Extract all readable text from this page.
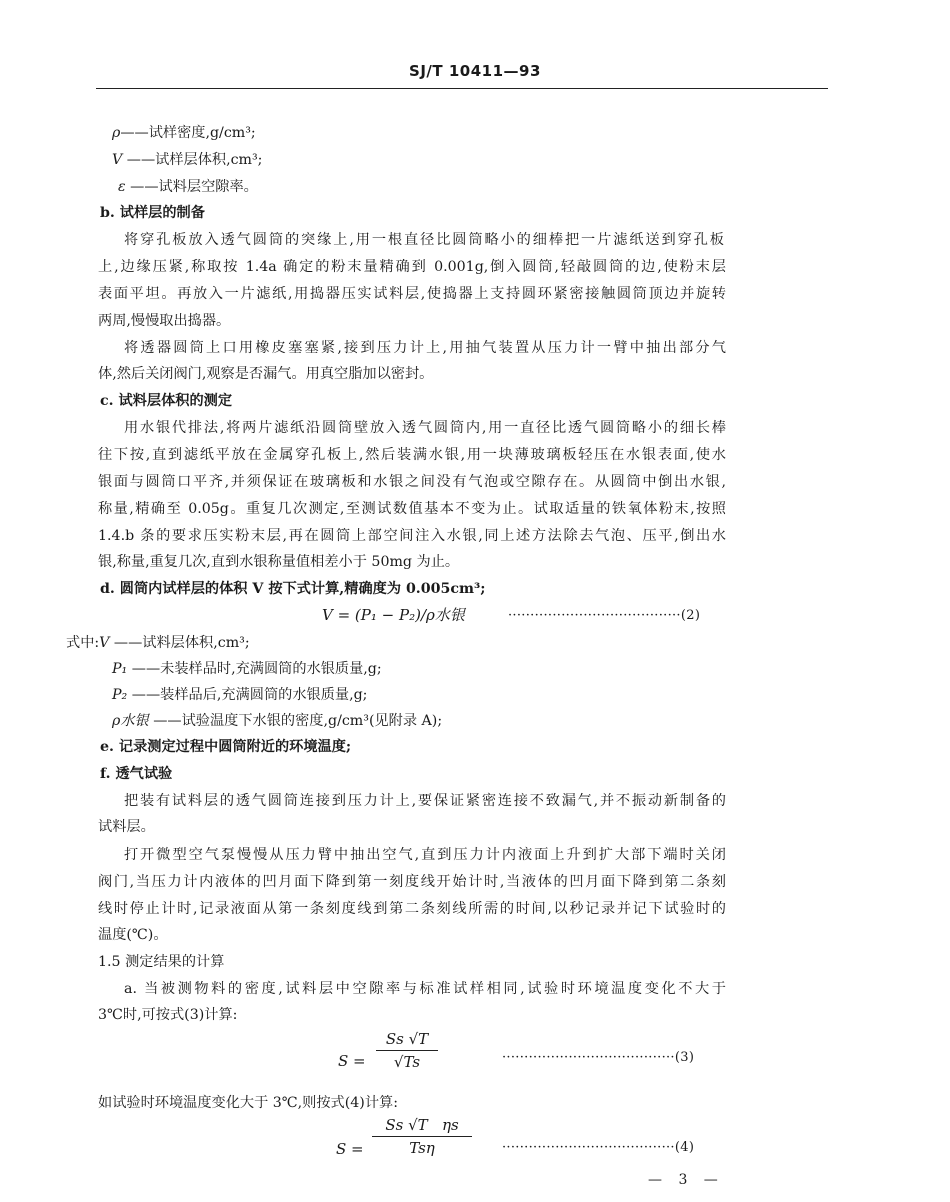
SJ/T 10411—93
ρ——试样密度,g/cm³;
V ——试样层体积,cm³;
ε ——试料层空隙率。
b. 试样层的制备
将穿孔板放入透气圆筒的突缘上,用一根直径比圆筒略小的细棒把一片滤纸送到穿孔板
上,边缘压紧,称取按 1.4a 确定的粉末量精确到 0.001g,倒入圆筒,轻敲圆筒的边,使粉末层
表面平坦。再放入一片滤纸,用捣器压实试料层,使捣器上支持圆环紧密接触圆筒顶边并旋转
两周,慢慢取出捣器。
将透器圆筒上口用橡皮塞塞紧,接到压力计上,用抽气装置从压力计一臂中抽出部分气
体,然后关闭阀门,观察是否漏气。用真空脂加以密封。
c. 试料层体积的测定
用水银代排法,将两片滤纸沿圆筒壁放入透气圆筒内,用一直径比透气圆筒略小的细长棒
往下按,直到滤纸平放在金属穿孔板上,然后装满水银,用一块薄玻璃板轻压在水银表面,使水
银面与圆筒口平齐,并须保证在玻璃板和水银之间没有气泡或空隙存在。从圆筒中倒出水银,
称量,精确至 0.05g。重复几次测定,至测试数值基本不变为止。试取适量的铁氧体粉末,按照
1.4.b 条的要求压实粉末层,再在圆筒上部空间注入水银,同上述方法除去气泡、压平,倒出水
银,称量,重复几次,直到水银称量值相差小于 50mg 为止。
d. 圆筒内试样层的体积 V 按下式计算,精确度为 0.005cm³;
V = (P₁ − P₂)/ρ水银	·······································(2)
式中:V ——试料层体积,cm³;
P₁ ——未装样品时,充满圆筒的水银质量,g;
P₂ ——装样品后,充满圆筒的水银质量,g;
ρ水银 ——试验温度下水银的密度,g/cm³(见附录 A);
e. 记录测定过程中圆筒附近的环境温度;
f. 透气试验
把装有试料层的透气圆筒连接到压力计上,要保证紧密连接不致漏气,并不振动新制备的
试料层。
打开微型空气泵慢慢从压力臂中抽出空气,直到压力计内液面上升到扩大部下端时关闭
阀门,当压力计内液体的凹月面下降到第一刻度线开始计时,当液体的凹月面下降到第二条刻
线时停止计时,记录液面从第一条刻度线到第二条刻线所需的时间,以秒记录并记下试验时的
温度(℃)。
1.5 测定结果的计算
a. 当被测物料的密度,试料层中空隙率与标准试样相同,试验时环境温度变化不大于
3℃时,可按式(3)计算:
S =
Ss √T
√Ts	·······································(3)
如试验时环境温度变化大于 3℃,则按式(4)计算:
S =
Ss √T   ηs
Tsη	·······································(4)
— 3 —
